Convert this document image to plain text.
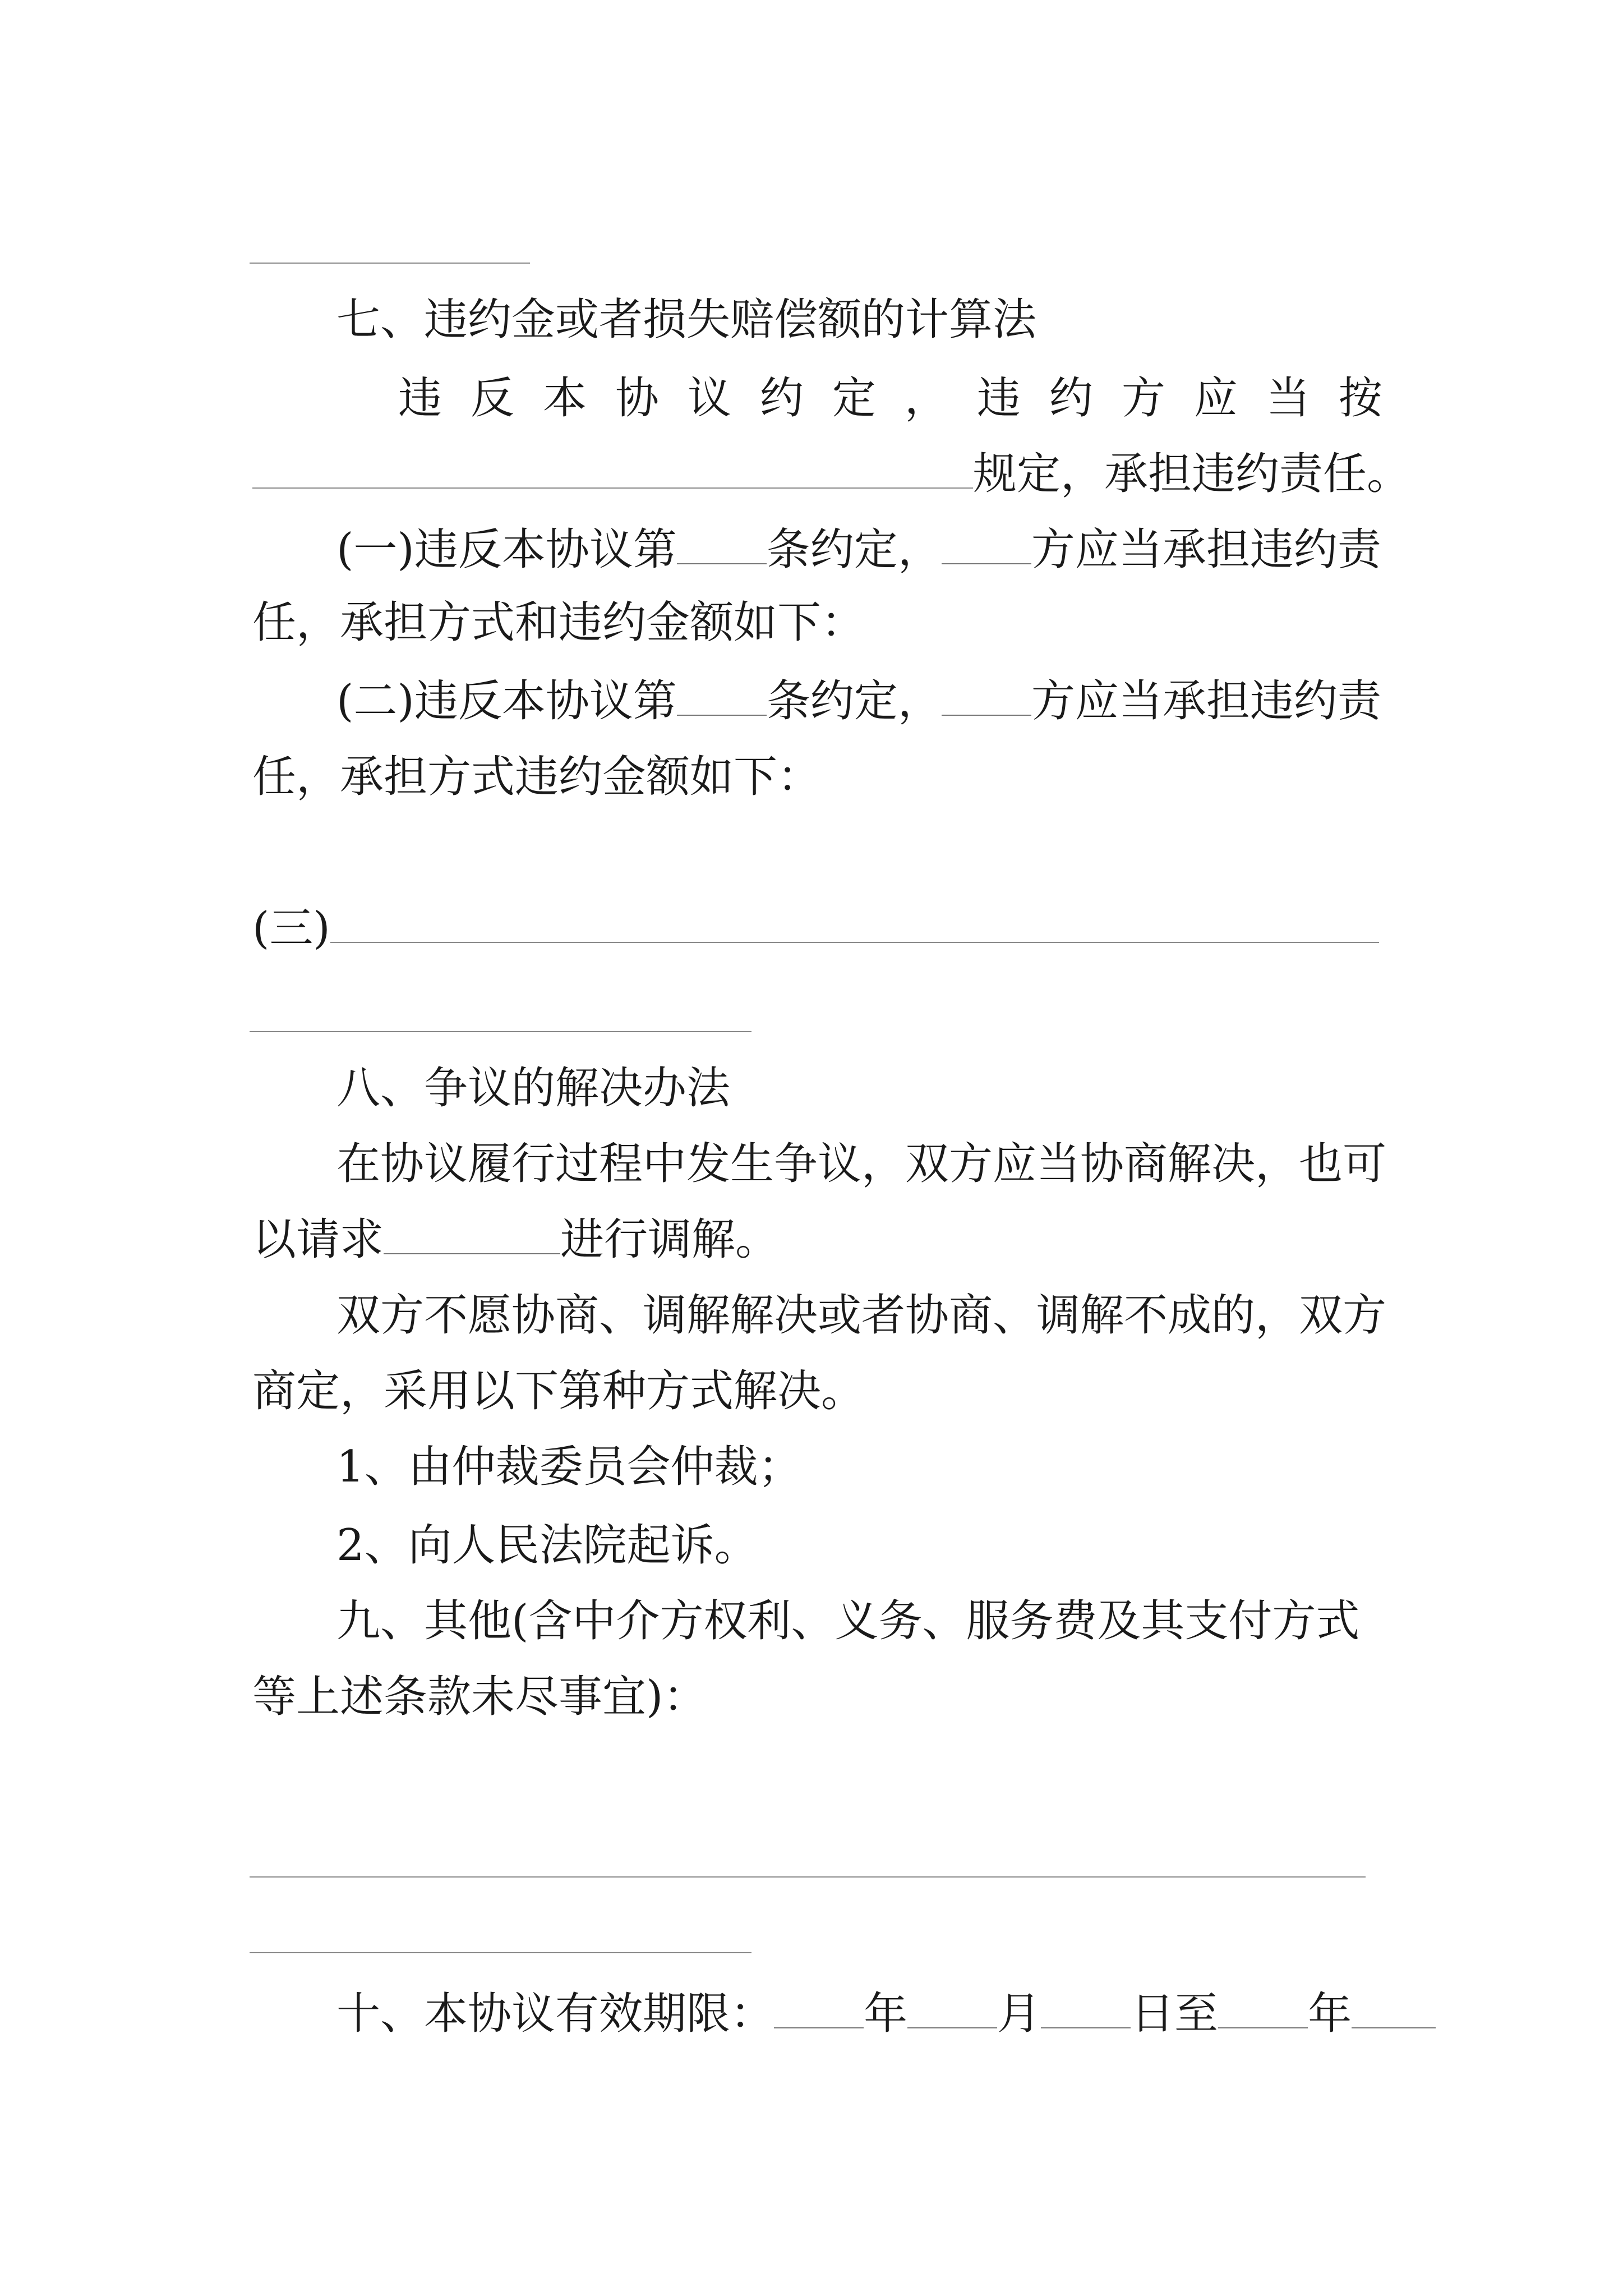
七、违约金或者损失赔偿额的计算法
违 反 本 协 议 约 定 ， 违 约 方 应 当 按
规定，承担违约责任。
(一)违反本协议第 条约定， 方应当承担违约责
任，承担方式和违约金额如下：
(二)违反本协议第 条约定， 方应当承担违约责
任，承担方式违约金额如下：
(三)
八、争议的解决办法
在协议履行过程中发生争议，双方应当协商解决，也可
以请求	进行调解。
双方不愿协商、调解解决或者协商、调解不成的，双方
商定，采用以下第种方式解决。
1、由仲裁委员会仲裁；
2、向人民法院起诉。
九、其他(含中介方权利、义务、服务费及其支付方式
等上述条款未尽事宜)：
十、本协议有效期限： 年 月 日至 年
